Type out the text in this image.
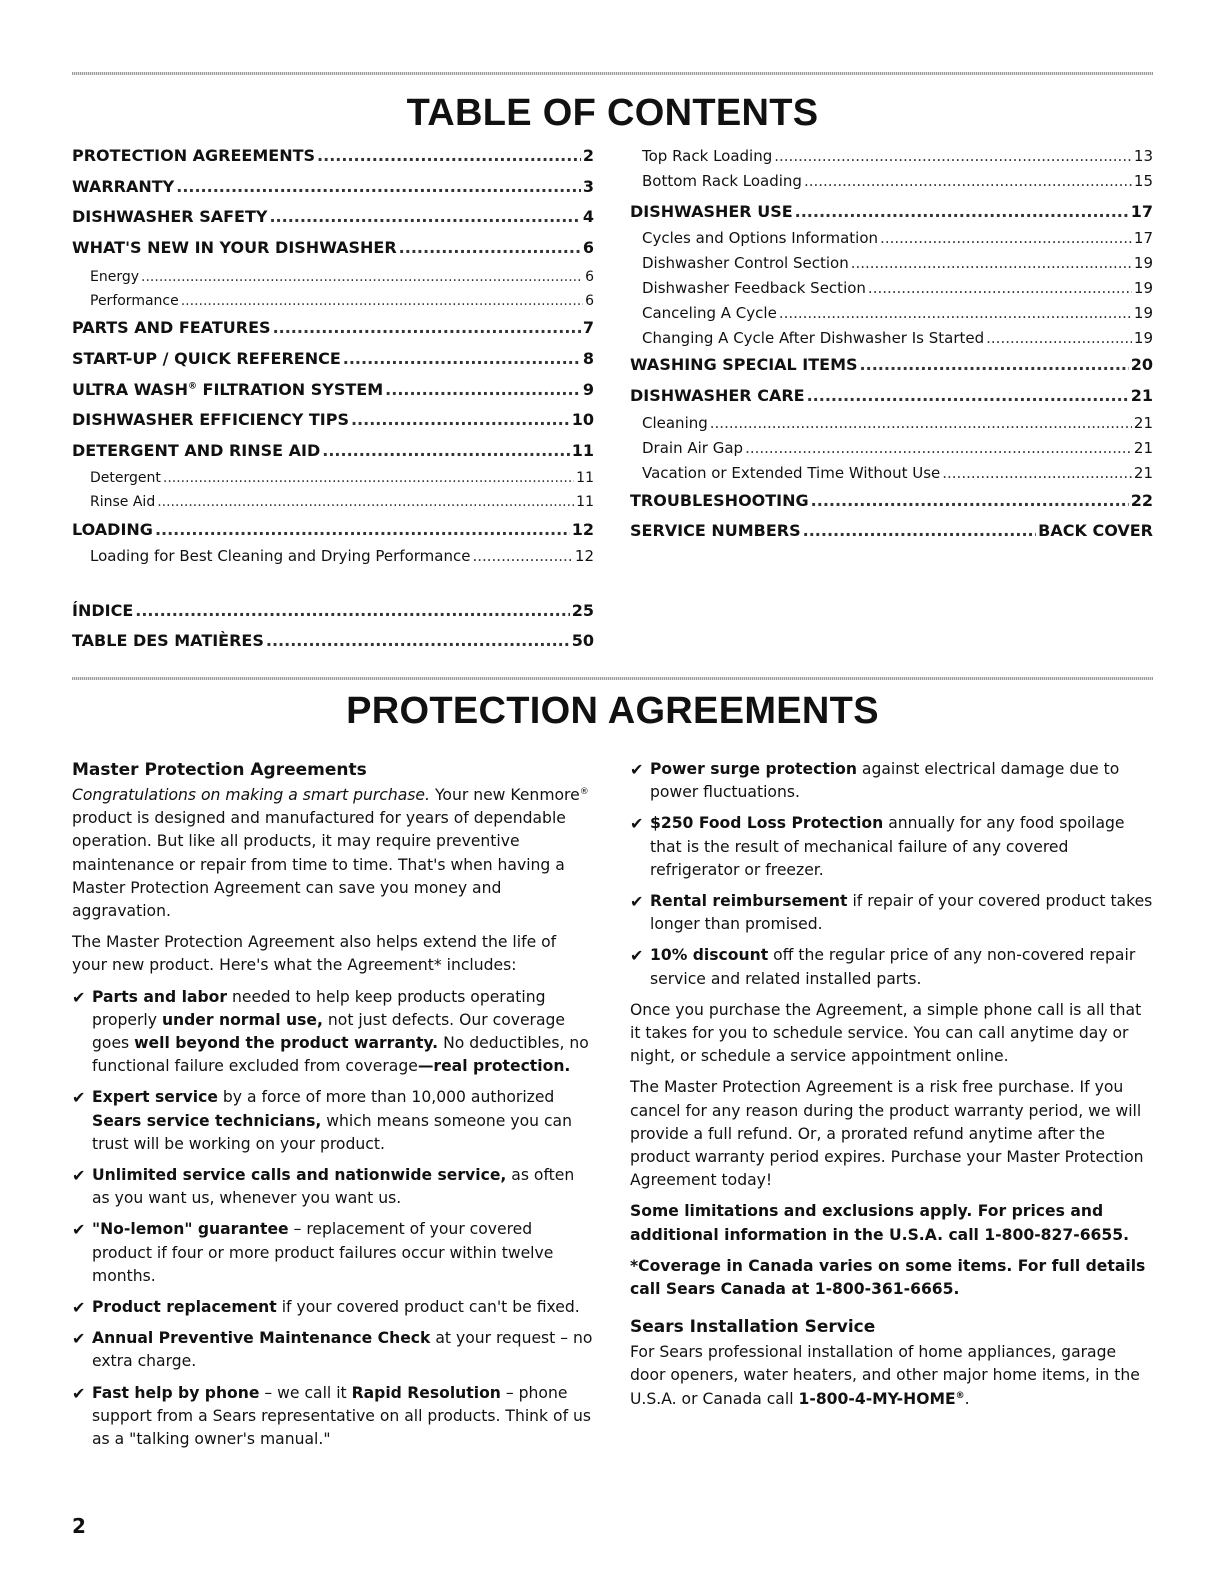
TABLE OF CONTENTS
PROTECTION AGREEMENTS .....	2
WARRANTY .....	3
DISHWASHER SAFETY .....	4
WHAT'S NEW IN YOUR DISHWASHER .....	6
Energy .....	6
Performance .....	6
PARTS AND FEATURES .....	7
START-UP / QUICK REFERENCE .....	8
ULTRA WASH® FILTRATION SYSTEM .....	9
DISHWASHER EFFICIENCY TIPS .....	10
DETERGENT AND RINSE AID .....	11
Detergent .....	11
Rinse Aid .....	11
LOADING .....	12
Loading for Best Cleaning and Drying Performance .....	12
Top Rack Loading .....	13
Bottom Rack Loading .....	15
DISHWASHER USE .....	17
Cycles and Options Information .....	17
Dishwasher Control Section .....	19
Dishwasher Feedback Section .....	19
Canceling A Cycle .....	19
Changing A Cycle After Dishwasher Is Started .....	19
WASHING SPECIAL ITEMS .....	20
DISHWASHER CARE .....	21
Cleaning .....	21
Drain Air Gap .....	21
Vacation or Extended Time Without Use .....	21
TROUBLESHOOTING .....	22
SERVICE NUMBERS .....	BACK COVER
ÍNDICE .....	25
TABLE DES MATIÈRES .....	50
PROTECTION AGREEMENTS
Master Protection Agreements

Congratulations on making a smart purchase. Your new Kenmore® product is designed and manufactured for years of dependable operation. But like all products, it may require preventive maintenance or repair from time to time. That's when having a Master Protection Agreement can save you money and aggravation.

The Master Protection Agreement also helps extend the life of your new product. Here's what the Agreement* includes:

✔ Parts and labor needed to help keep products operating properly under normal use, not just defects. Our coverage goes well beyond the product warranty. No deductibles, no functional failure excluded from coverage—real protection.
✔ Expert service by a force of more than 10,000 authorized Sears service technicians, which means someone you can trust will be working on your product.
✔ Unlimited service calls and nationwide service, as often as you want us, whenever you want us.
✔ "No-lemon" guarantee – replacement of your covered product if four or more product failures occur within twelve months.
✔ Product replacement if your covered product can't be fixed.
✔ Annual Preventive Maintenance Check at your request – no extra charge.
✔ Fast help by phone – we call it Rapid Resolution – phone support from a Sears representative on all products. Think of us as a "talking owner's manual."
✔ Power surge protection against electrical damage due to power fluctuations.
✔ $250 Food Loss Protection annually for any food spoilage that is the result of mechanical failure of any covered refrigerator or freezer.
✔ Rental reimbursement if repair of your covered product takes longer than promised.
✔ 10% discount off the regular price of any non-covered repair service and related installed parts.

Once you purchase the Agreement, a simple phone call is all that it takes for you to schedule service. You can call anytime day or night, or schedule a service appointment online.

The Master Protection Agreement is a risk free purchase. If you cancel for any reason during the product warranty period, we will provide a full refund. Or, a prorated refund anytime after the product warranty period expires. Purchase your Master Protection Agreement today!

Some limitations and exclusions apply. For prices and additional information in the U.S.A. call 1-800-827-6655.

*Coverage in Canada varies on some items. For full details call Sears Canada at 1-800-361-6665.

Sears Installation Service

For Sears professional installation of home appliances, garage door openers, water heaters, and other major home items, in the U.S.A. or Canada call 1-800-4-MY-HOME®.

2
